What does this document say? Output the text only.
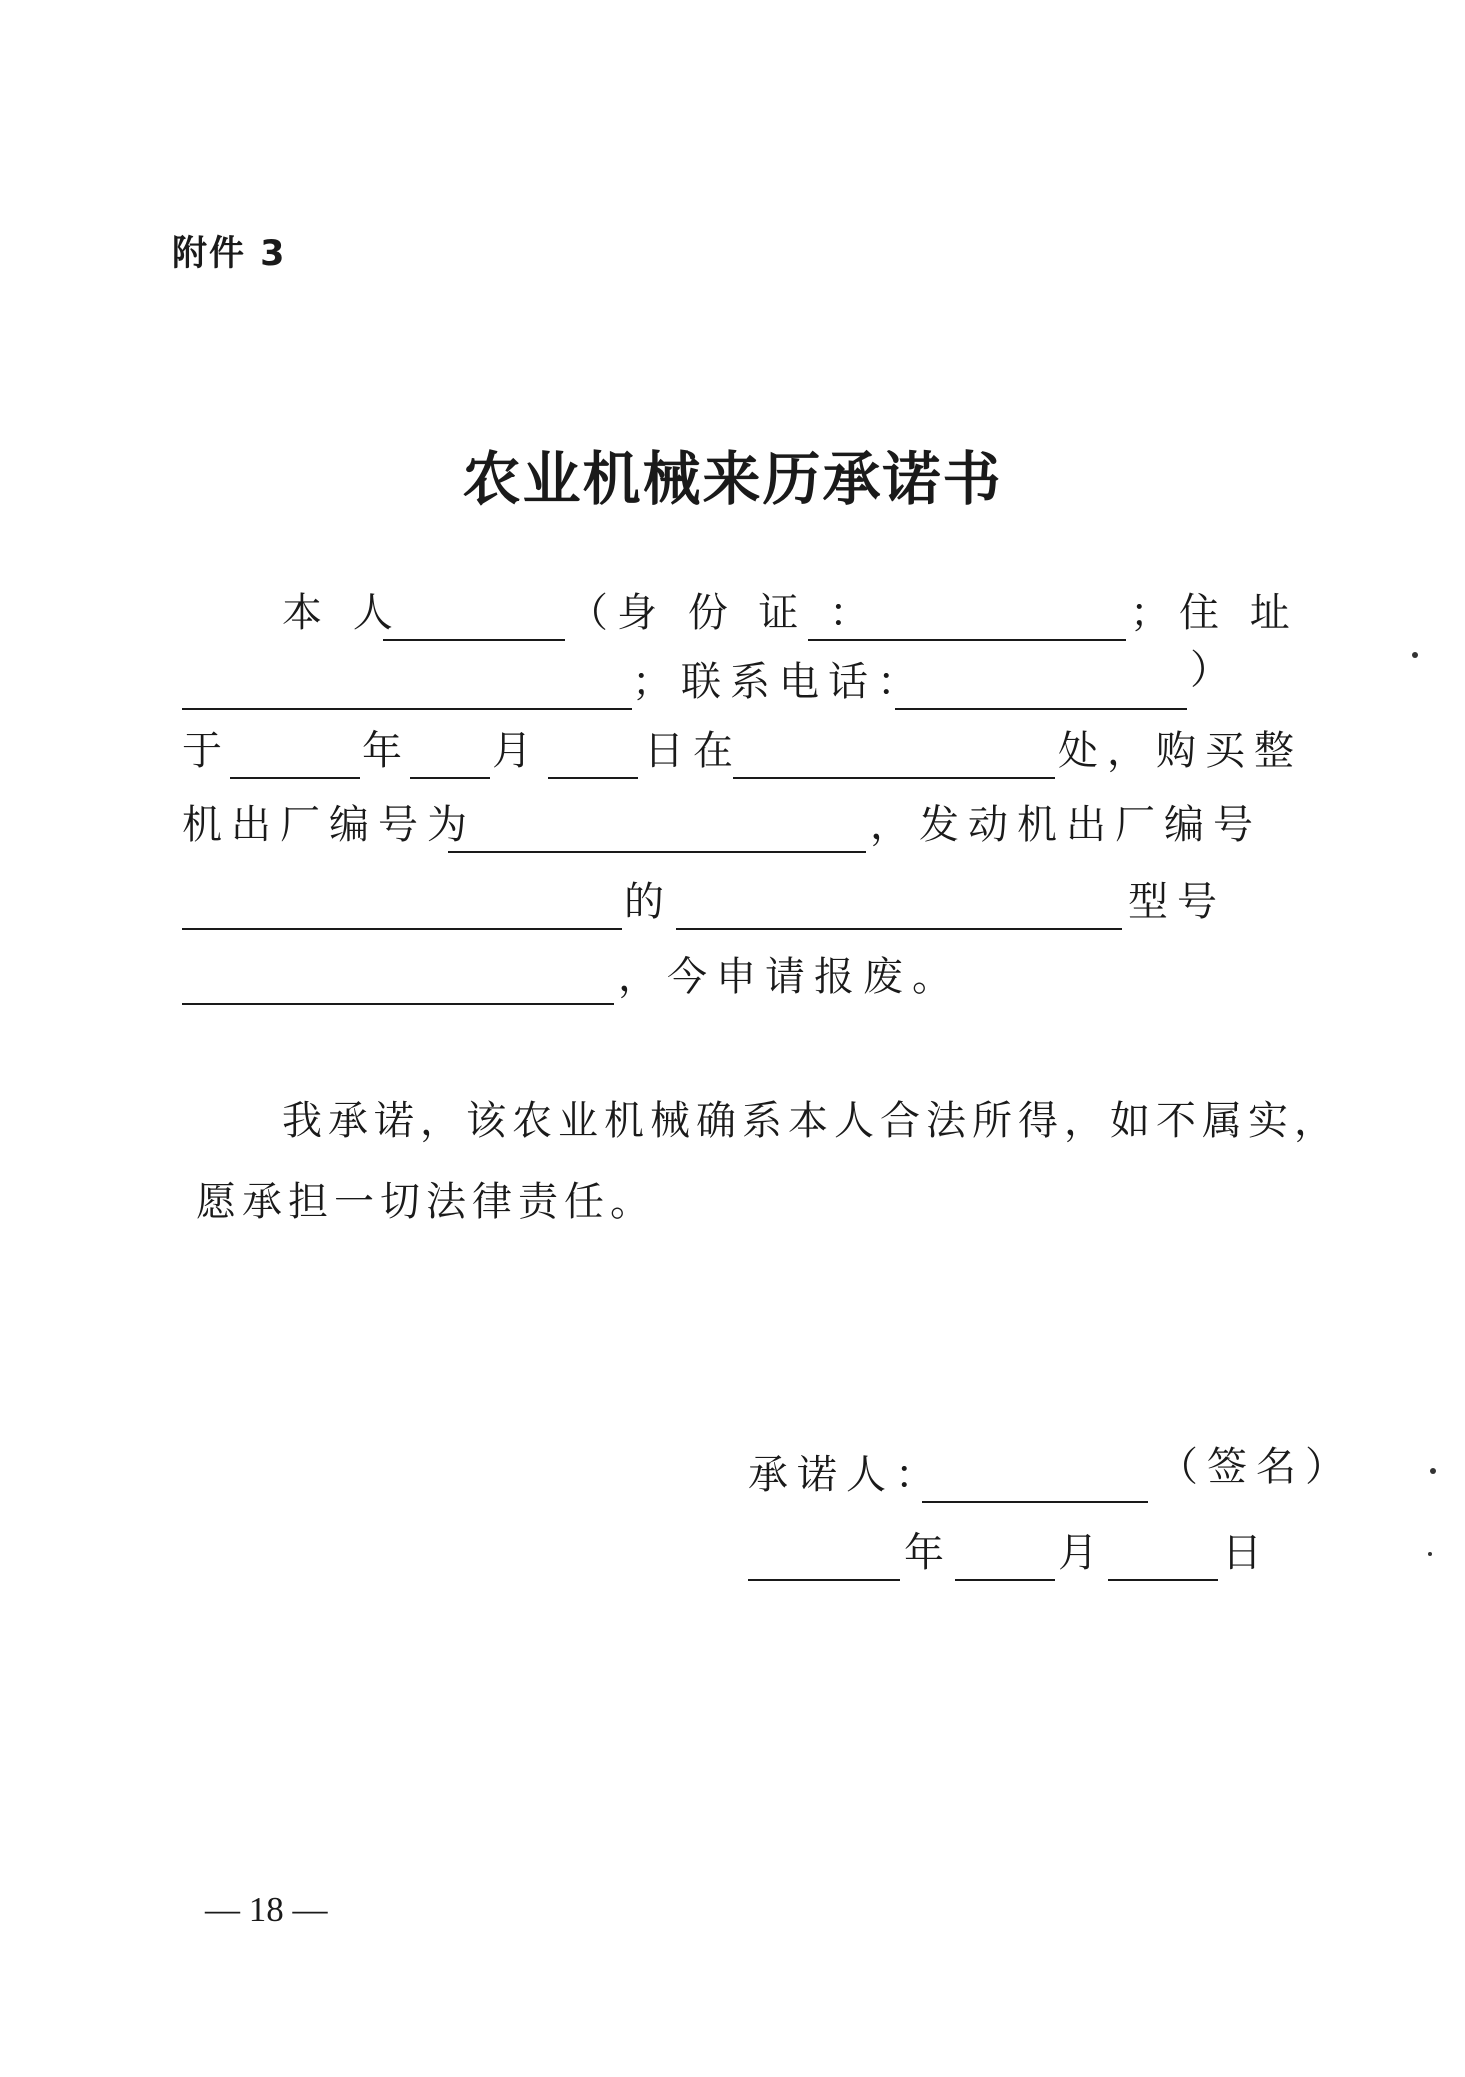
附件 3
农业机械来历承诺书
本 人	（身 份 证 ：	；住 址
；联系电话：	）
于	年 月	日在	处，购买整
机出厂编号为	，发动机出厂编号
的	型号
，今申请报废。
我承诺，该农业机械确系本人合法所得，如不属实，
愿承担一切法律责任。
承诺人：	（签名）
年	月	日
— 18 —
